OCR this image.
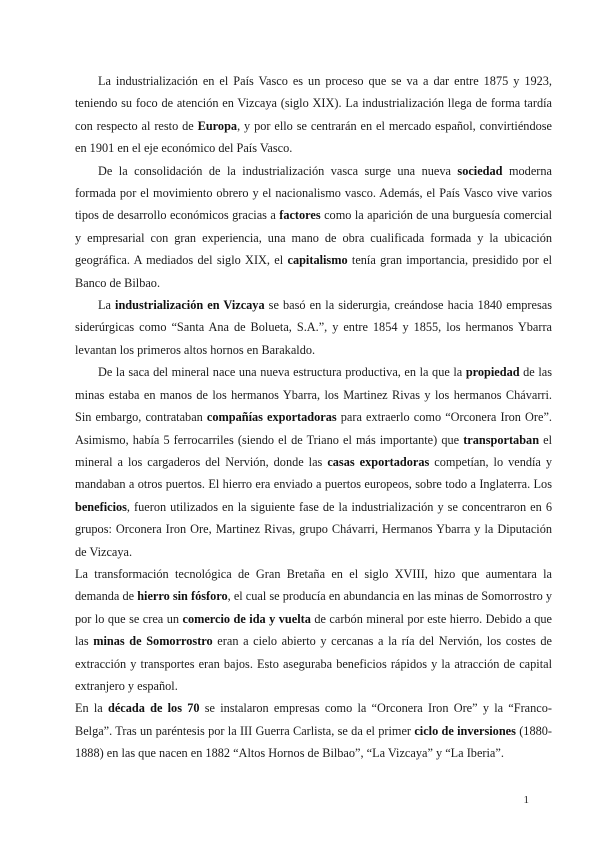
La industrialización en el País Vasco es un proceso que se va a dar entre 1875 y 1923, teniendo su foco de atención en Vizcaya (siglo XIX). La industrialización llega de forma tardía con respecto al resto de Europa, y por ello se centrarán en el mercado español, convirtiéndose en 1901 en el eje económico del País Vasco.

De la consolidación de la industrialización vasca surge una nueva sociedad moderna formada por el movimiento obrero y el nacionalismo vasco. Además, el País Vasco vive varios tipos de desarrollo económicos gracias a factores como la aparición de una burguesía comercial y empresarial con gran experiencia, una mano de obra cualificada formada y la ubicación geográfica. A mediados del siglo XIX, el capitalismo tenía gran importancia, presidido por el Banco de Bilbao.

La industrialización en Vizcaya se basó en la siderurgia, creándose hacia 1840 empresas siderúrgicas como “Santa Ana de Bolueta, S.A.”, y entre 1854 y 1855, los hermanos Ybarra levantan los primeros altos hornos en Barakaldo.

De la saca del mineral nace una nueva estructura productiva, en la que la propiedad de las minas estaba en manos de los hermanos Ybarra, los Martinez Rivas y los hermanos Chávarri. Sin embargo, contrataban compañías exportadoras para extraerlo como “Orconera Iron Ore”. Asimismo, había 5 ferrocarriles (siendo el de Triano el más importante) que transportaban el mineral a los cargaderos del Nervión, donde las casas exportadoras competían, lo vendía y mandaban a otros puertos. El hierro era enviado a puertos europeos, sobre todo a Inglaterra. Los beneficios, fueron utilizados en la siguiente fase de la industrialización y se concentraron en 6 grupos: Orconera Iron Ore, Martinez Rivas, grupo Chávarri, Hermanos Ybarra y la Diputación de Vizcaya.

La transformación tecnológica de Gran Bretaña en el siglo XVIII, hizo que aumentara la demanda de hierro sin fósforo, el cual se producía en abundancia en las minas de Somorrostro y por lo que se crea un comercio de ida y vuelta de carbón mineral por este hierro. Debido a que las minas de Somorrostro eran a cielo abierto y cercanas a la ría del Nervión, los costes de extracción y transportes eran bajos. Esto aseguraba beneficios rápidos y la atracción de capital extranjero y español.

En la década de los 70 se instalaron empresas como la “Orconera Iron Ore” y la “Franco-Belga”. Tras un paréntesis por la III Guerra Carlista, se da el primer ciclo de inversiones (1880-1888) en las que nacen en 1882 “Altos Hornos de Bilbao”, “La Vizcaya” y “La Iberia”.

1
